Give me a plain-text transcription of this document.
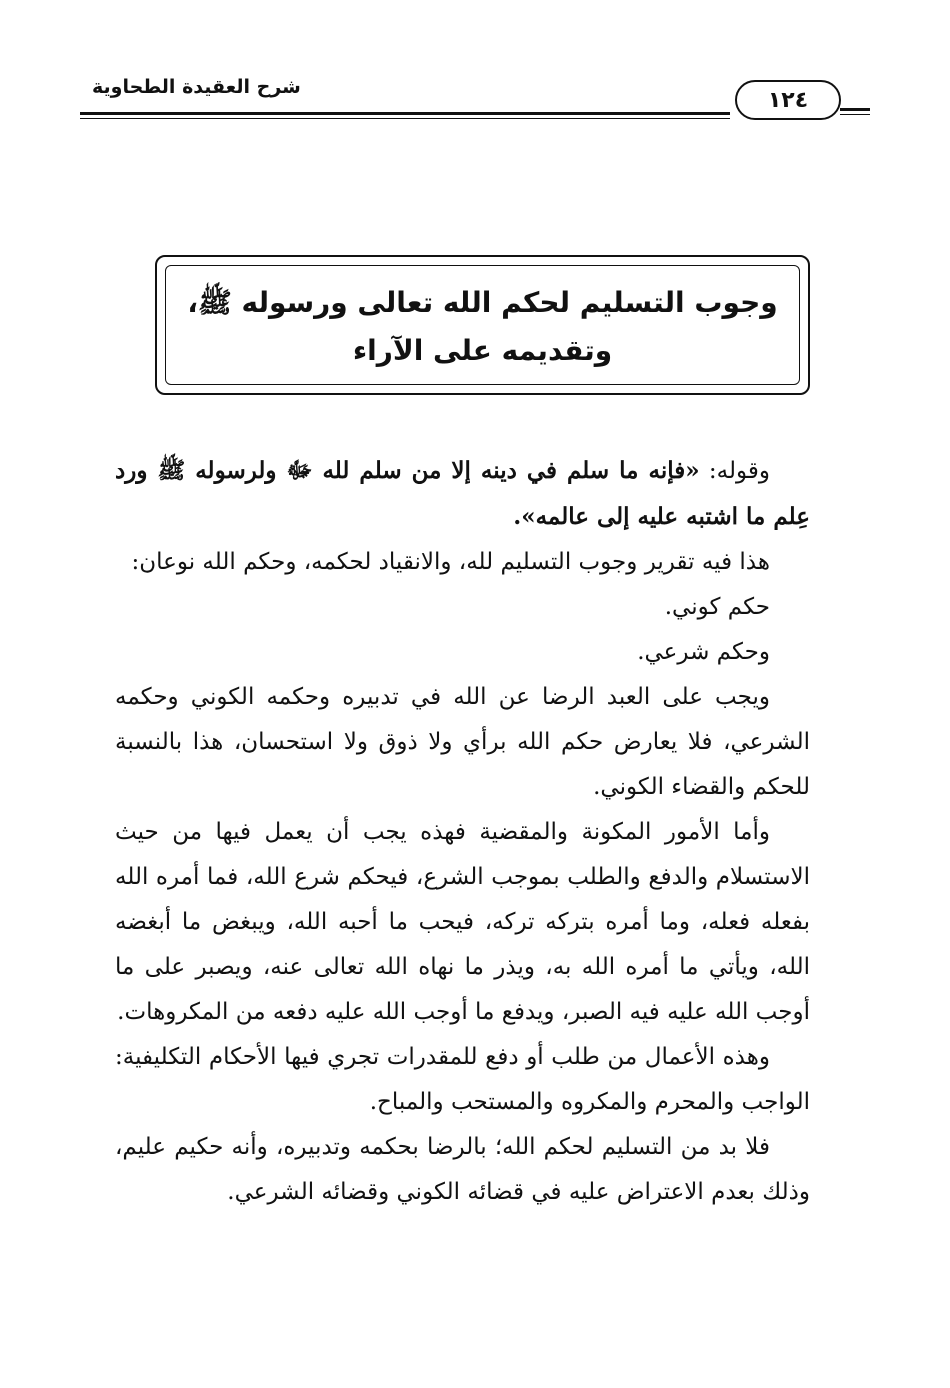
شرح العقيدة الطحاوية
١٢٤
وجوب التسليم لحكم الله تعالى ورسوله ﷺ،
وتقديمه على الآراء

وقوله: «فإنه ما سلم في دينه إلا من سلم لله ﷻ ولرسوله ﷺ ورد عِلم ما اشتبه عليه إلى عالمه».

هذا فيه تقرير وجوب التسليم لله، والانقياد لحكمه، وحكم الله نوعان:

حكم كوني.

وحكم شرعي.

ويجب على العبد الرضا عن الله في تدبيره وحكمه الكوني وحكمه الشرعي، فلا يعارض حكم الله برأي ولا ذوق ولا استحسان، هذا بالنسبة للحكم والقضاء الكوني.

وأما الأمور المكونة والمقضية فهذه يجب أن يعمل فيها من حيث الاستسلام والدفع والطلب بموجب الشرع، فيحكم شرع الله، فما أمره الله بفعله فعله، وما أمره بتركه تركه، فيحب ما أحبه الله، ويبغض ما أبغضه الله، ويأتي ما أمره الله به، ويذر ما نهاه الله تعالى عنه، ويصبر على ما أوجب الله عليه فيه الصبر، ويدفع ما أوجب الله عليه دفعه من المكروهات.

وهذه الأعمال من طلب أو دفع للمقدرات تجري فيها الأحكام التكليفية: الواجب والمحرم والمكروه والمستحب والمباح.

فلا بد من التسليم لحكم الله؛ بالرضا بحكمه وتدبيره، وأنه حكيم عليم، وذلك بعدم الاعتراض عليه في قضائه الكوني وقضائه الشرعي.
